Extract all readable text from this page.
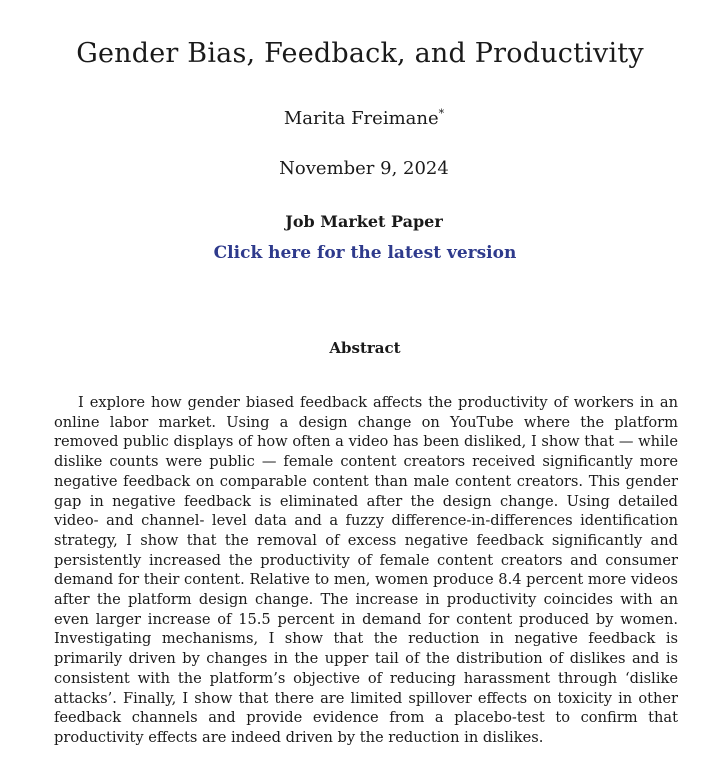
Gender Bias, Feedback, and Productivity
Marita Freimane*
November 9, 2024
Job Market Paper
Click here for the latest version
Abstract

I explore how gender biased feedback affects the productivity of workers in an online labor market. Using a design change on YouTube where the platform removed public displays of how often a video has been disliked, I show that — while dislike counts were public — female content creators received significantly more negative feedback on comparable content than male content creators. This gender gap in negative feedback is eliminated after the design change. Using detailed video- and channel- level data and a fuzzy difference-in-differences identification strategy, I show that the removal of excess negative feedback significantly and persistently increased the productivity of female content creators and consumer demand for their content. Relative to men, women produce 8.4 percent more videos after the platform design change. The increase in productivity coincides with an even larger increase of 15.5 percent in demand for content produced by women. Investigating mechanisms, I show that the reduction in negative feedback is primarily driven by changes in the upper tail of the distribution of dislikes and is consistent with the platform’s objective of reducing harassment through ‘dislike attacks’. Finally, I show that there are limited spillover effects on toxicity in other feedback channels and provide evidence from a placebo-test to confirm that productivity effects are indeed driven by the reduction in dislikes.
